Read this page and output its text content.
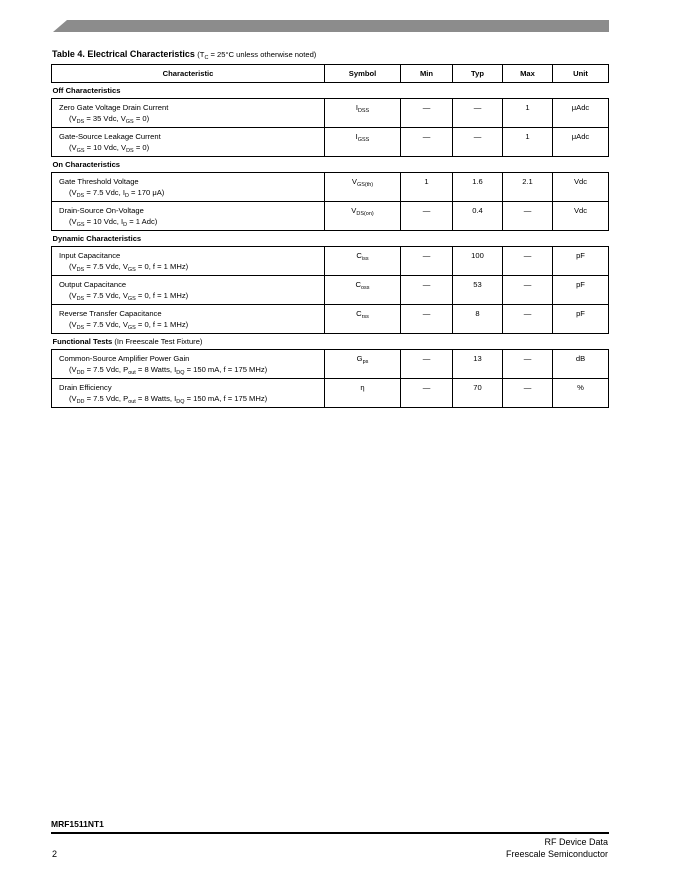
Table 4. Electrical Characteristics ($T_C = 25^\circ C$ unless otherwise noted)
Characteristic	Symbol	Min	Typ	Max	Unit
Off Characteristics					
Zero Gate Voltage Drain Current
($V_{DS} = 35$ Vdc, $V_{GS} = 0$)	$I_{DSS}$	—	—	1	μAdc
Gate-Source Leakage Current
($V_{GS} = 10$ Vdc, $V_{DS} = 0$)	$I_{GSS}$	—	—	1	μAdc
On Characteristics					
Gate Threshold Voltage
($V_{DS} = 7.5$ Vdc, $I_D = 170$ μA)	$V_{GS(th)}$	1	1.6	2.1	Vdc
Drain-Source On-Voltage
($V_{GS} = 10$ Vdc, $I_D = 1$ Adc)	$V_{DS(on)}$	—	0.4	—	Vdc
Dynamic Characteristics					
Input Capacitance
($V_{DS} = 7.5$ Vdc, $V_{GS} = 0$, f = 1 MHz)	$C_{iss}$	—	100	—	pF
Output Capacitance
($V_{DS} = 7.5$ Vdc, $V_{GS} = 0$, f = 1 MHz)	$C_{oss}$	—	53	—	pF
Reverse Transfer Capacitance
($V_{DS} = 7.5$ Vdc, $V_{GS} = 0$, f = 1 MHz)	$C_{rss}$	—	8	—	pF
Functional Tests (In Freescale Test Fixture)					
Common-Source Amplifier Power Gain
($V_{DD} = 7.5$ Vdc, $P_{out} = 8$ Watts, $I_{DQ} = 150$ mA, f = 175 MHz)	$G_{ps}$	—	13	—	dB
Drain Efficiency
($V_{DD} = 7.5$ Vdc, $P_{out} = 8$ Watts, $I_{DQ} = 150$ mA, f = 175 MHz)	η	—	70	—	%
MRF1511NT1
2
RF Device Data
Freescale Semiconductor
